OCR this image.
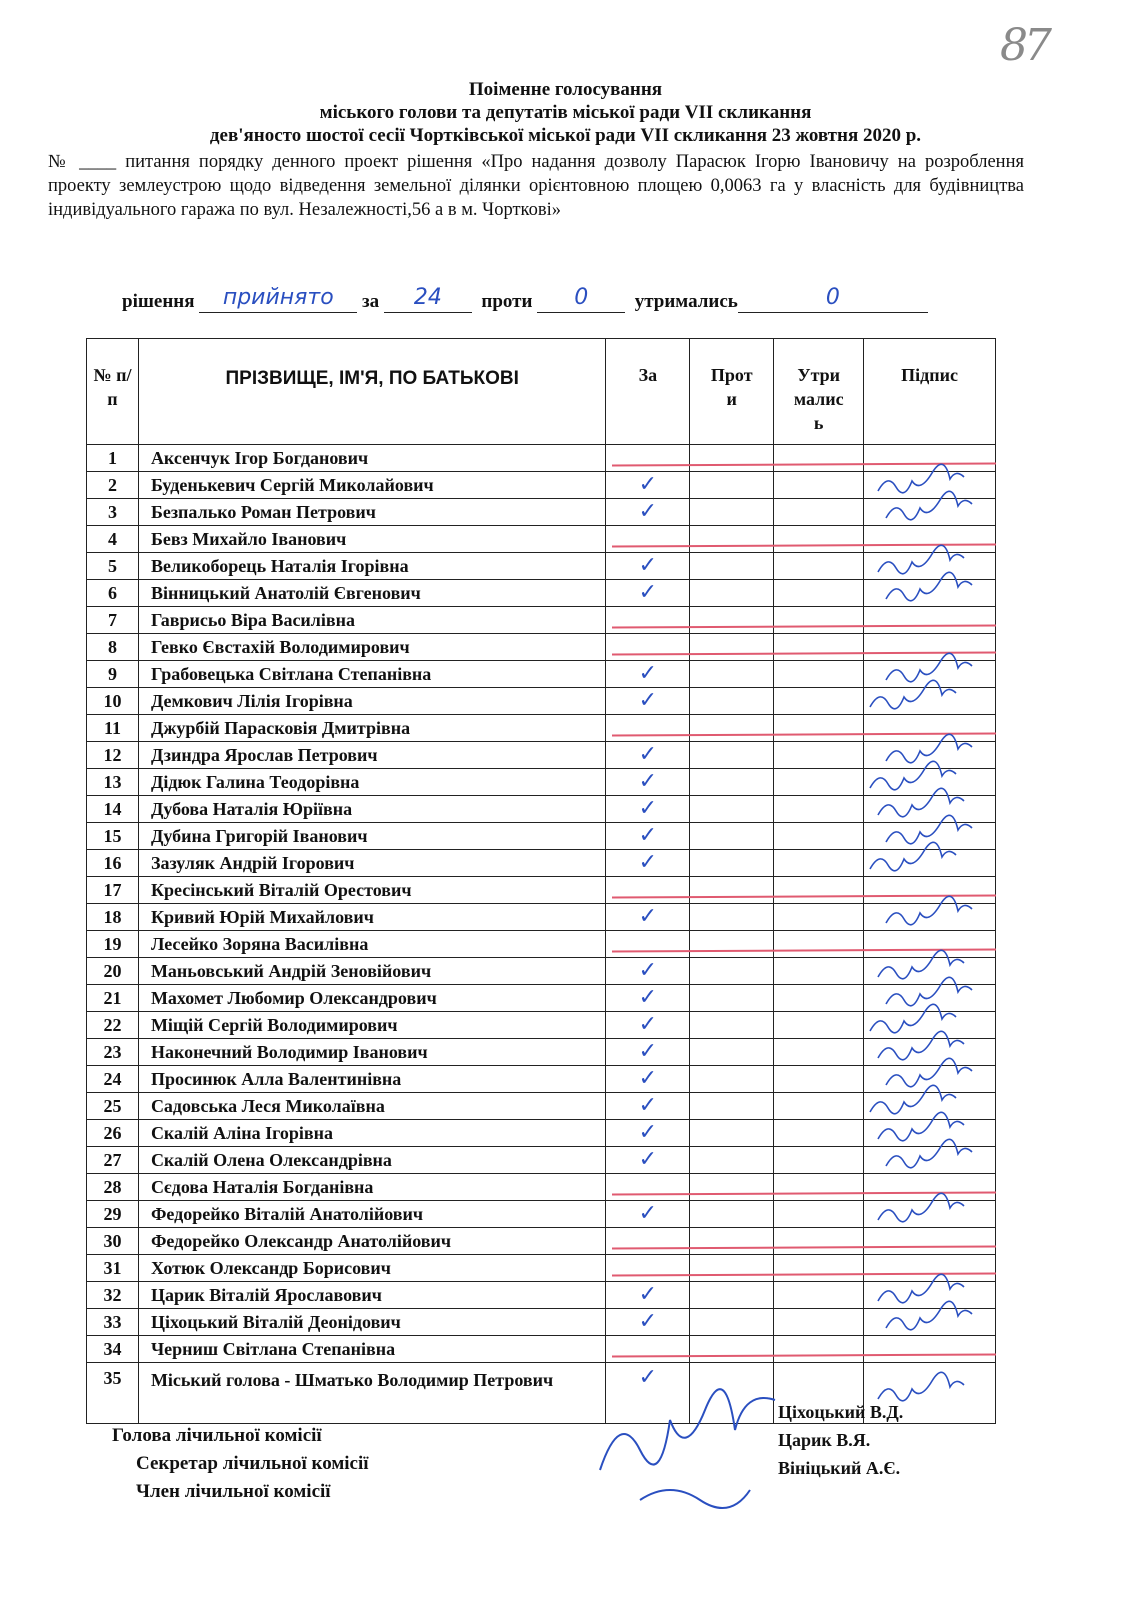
87
Поіменне голосування
міського голови та депутатів міської ради VII скликання
дев'яносто шостої сесії Чортківської міської ради VII скликання 23 жовтня 2020 р.
№ ____ питання порядку денного проект рішення «Про надання дозволу Парасюк Ігорю Івановичу на розроблення проекту землеустрою щодо відведення земельної ділянки орієнтовною площею 0,0063 га у власність для будівництва індивідуального гаража по вул. Незалежності,56 а в м. Чорткові»
рішення прийнято за 24 проти 0 утримались	0
№ п/п	ПРІЗВИЩЕ, ІМ'Я, ПО БАТЬКОВІ	За	Прот и	Утри малис ь	Підпис
1	Аксенчук Ігор Богданович				
2	Буденькевич Сергій Миколайович	✓			
3	Безпалько Роман Петрович	✓			
4	Бевз Михайло Іванович				
5	Великоборець Наталія Ігорівна	✓			
6	Вінницький Анатолій Євгенович	✓			
7	Гаврисьо Віра Василівна				
8	Гевко Євстахій Володимирович				
9	Грабовецька Світлана Степанівна	✓			
10	Демкович Лілія Ігорівна	✓			
11	Джурбій Парасковія Дмитрівна				
12	Дзиндра Ярослав Петрович	✓			
13	Дідюк Галина Теодорівна	✓			
14	Дубова Наталія Юріївна	✓			
15	Дубина Григорій Іванович	✓			
16	Зазуляк Андрій Ігорович	✓			
17	Кресінський Віталій Орестович				
18	Кривий Юрій Михайлович	✓			
19	Лесейко Зоряна Василівна				
20	Маньовський Андрій Зеновійович	✓			
21	Махомет Любомир Олександрович	✓			
22	Міщій Сергій Володимирович	✓			
23	Наконечний Володимир Іванович	✓			
24	Просинюк Алла Валентинівна	✓			
25	Садовська Леся Миколаївна	✓			
26	Скалій Аліна Ігорівна	✓			
27	Скалій Олена Олександрівна	✓			
28	Сєдова Наталія Богданівна				
29	Федорейко Віталій Анатолійович	✓			
30	Федорейко Олександр Анатолійович				
31	Хотюк Олександр Борисович				
32	Царик Віталій Ярославович	✓			
33	Ціхоцький Віталій Деонідович	✓			
34	Черниш Світлана Степанівна				
35	Міський голова - Шматько Володимир Петрович	✓			
Голова лічильної комісії
Секретар лічильної комісії
Член лічильної комісії
Ціхоцький В.Д.
Царик В.Я.
Вініцький А.Є.
